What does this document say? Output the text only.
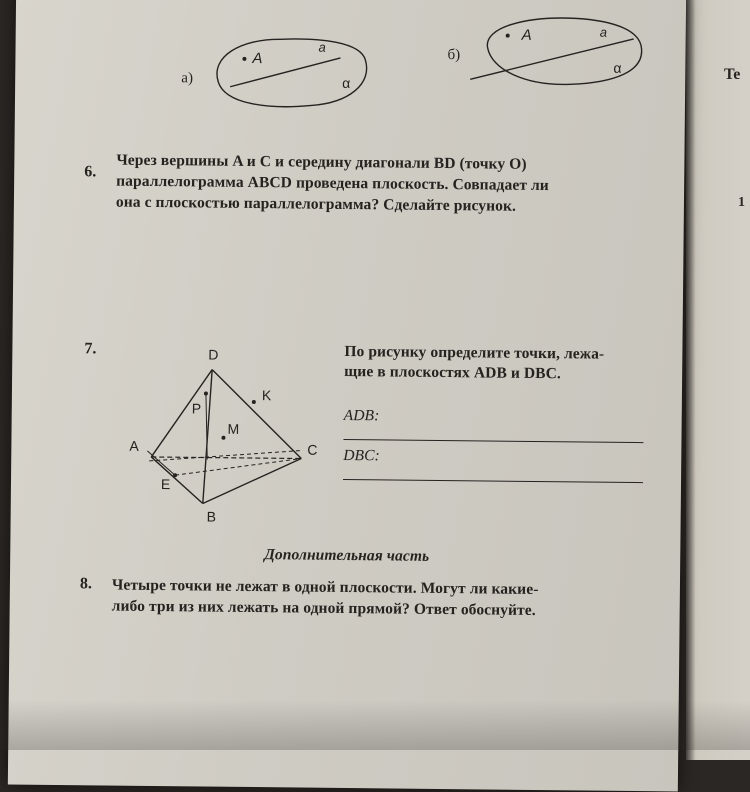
Te
1
а)
A
a
α
б)
A	a
α
6. Через вершины A и C и середину диагонали BD (точку O)
параллелограмма ABCD проведена плоскость. Совпадает ли
она с плоскостью параллелограмма? Сделайте рисунок.
7.	D
K
P
M
A	C
E
B
По рисунку определите точки, лежа-
щие в плоскостях ADB и DBC.
ADB:
DBC:
Дополнительная часть
8. Четыре точки не лежат в одной плоскости. Могут ли какие-
либо три из них лежать на одной прямой? Ответ обоснуйте.
